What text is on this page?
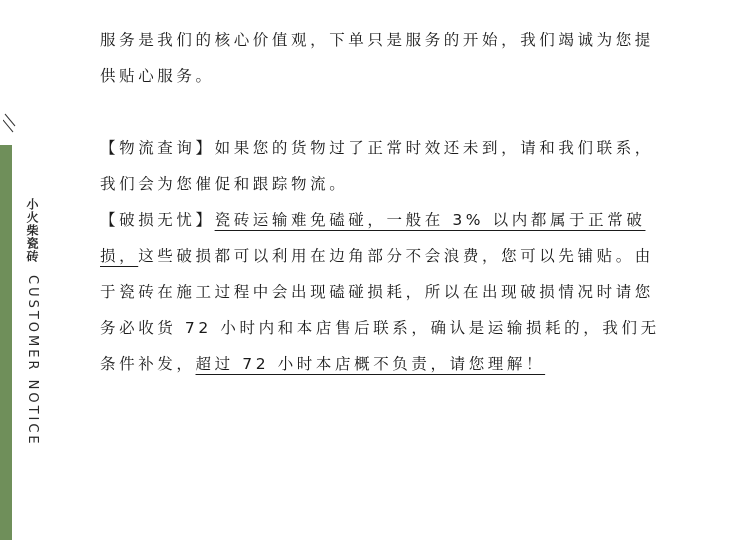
小火柴瓷砖 CUSTOMER NOTICE

服务是我们的核心价值观，下单只是服务的开始，我们竭诚为您提供贴心服务。

【物流查询】如果您的货物过了正常时效还未到，请和我们联系，我们会为您催促和跟踪物流。

【破损无忧】瓷砖运输难免磕碰，一般在 3% 以内都属于正常破损，这些破损都可以利用在边角部分不会浪费，您可以先铺贴。由于瓷砖在施工过程中会出现磕碰损耗，所以在出现破损情况时请您务必收货 72 小时内和本店售后联系，确认是运输损耗的，我们无条件补发，超过 72 小时本店概不负责，请您理解！
